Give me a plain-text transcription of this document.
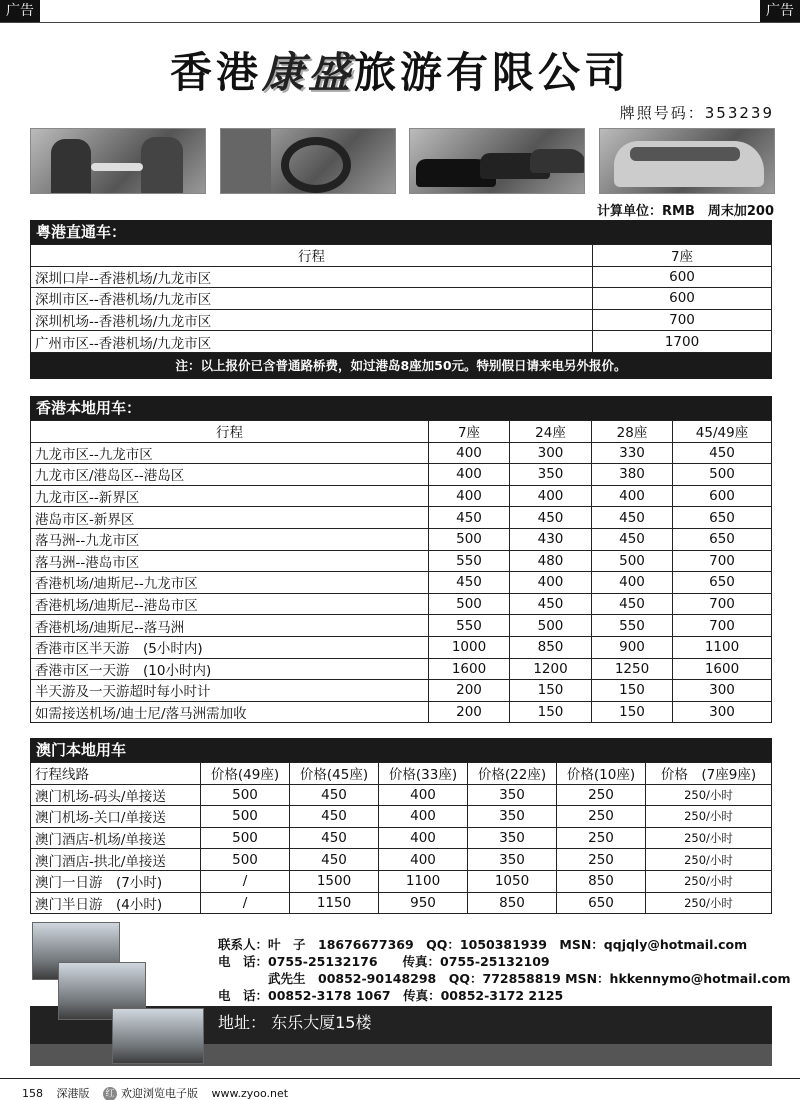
广告	广告
香港康盛旅游有限公司
牌照号码：353239
计算单位：RMB　周末加200
粤港直通车：
行程	7座
深圳口岸--香港机场/九龙市区	600
深圳市区--香港机场/九龙市区	600
深圳机场--香港机场/九龙市区	700
广州市区--香港机场/九龙市区	1700
注：以上报价已含普通路桥费，如过港岛8座加50元。特别假日请来电另外报价。
香港本地用车：
行程	7座	24座	28座	45/49座
九龙市区--九龙市区	400	300	330	450
九龙市区/港岛区--港岛区	400	350	380	500
九龙市区--新界区	400	400	400	600
港岛市区-新界区	450	450	450	650
落马洲--九龙市区	500	430	450	650
落马洲--港岛市区	550	480	500	700
香港机场/迪斯尼--九龙市区	450	400	400	650
香港机场/迪斯尼--港岛市区	500	450	450	700
香港机场/迪斯尼--落马洲	550	500	550	700
香港市区半天游　(5小时内)	1000	850	900	1100
香港市区一天游　(10小时内)	1600	1200	1250	1600
半天游及一天游超时每小时计	200	150	150	300
如需接送机场/迪士尼/落马洲需加收	200	150	150	300
澳门本地用车
行程线路	价格(49座)	价格(45座)	价格(33座)	价格(22座)	价格(10座)	价格　(7座9座)
澳门机场-码头/单接送	500	450	400	350	250	250/小时
澳门机场-关口/单接送	500	450	400	350	250	250/小时
澳门酒店-机场/单接送	500	450	400	350	250	250/小时
澳门酒店-拱北/单接送	500	450	400	350	250	250/小时
澳门一日游　(7小时)	/	1500	1100	1050	850	250/小时
澳门半日游　(4小时)	/	1150	950	850	650	250/小时
联系人：叶　子　18676677369　QQ：1050381939　MSN：qqjqly@hotmail.com
电　话：0755-25132176　　传真：0755-25132109
　　　　武先生　00852-90148298　QQ：772858819 MSN：hkkennymo@hotmail.com
电　话：00852-3178 1067　传真：00852-3172 2125
地址： 东乐大厦15楼
158 深港版 红 欢迎浏览电子版 www.zyoo.net
